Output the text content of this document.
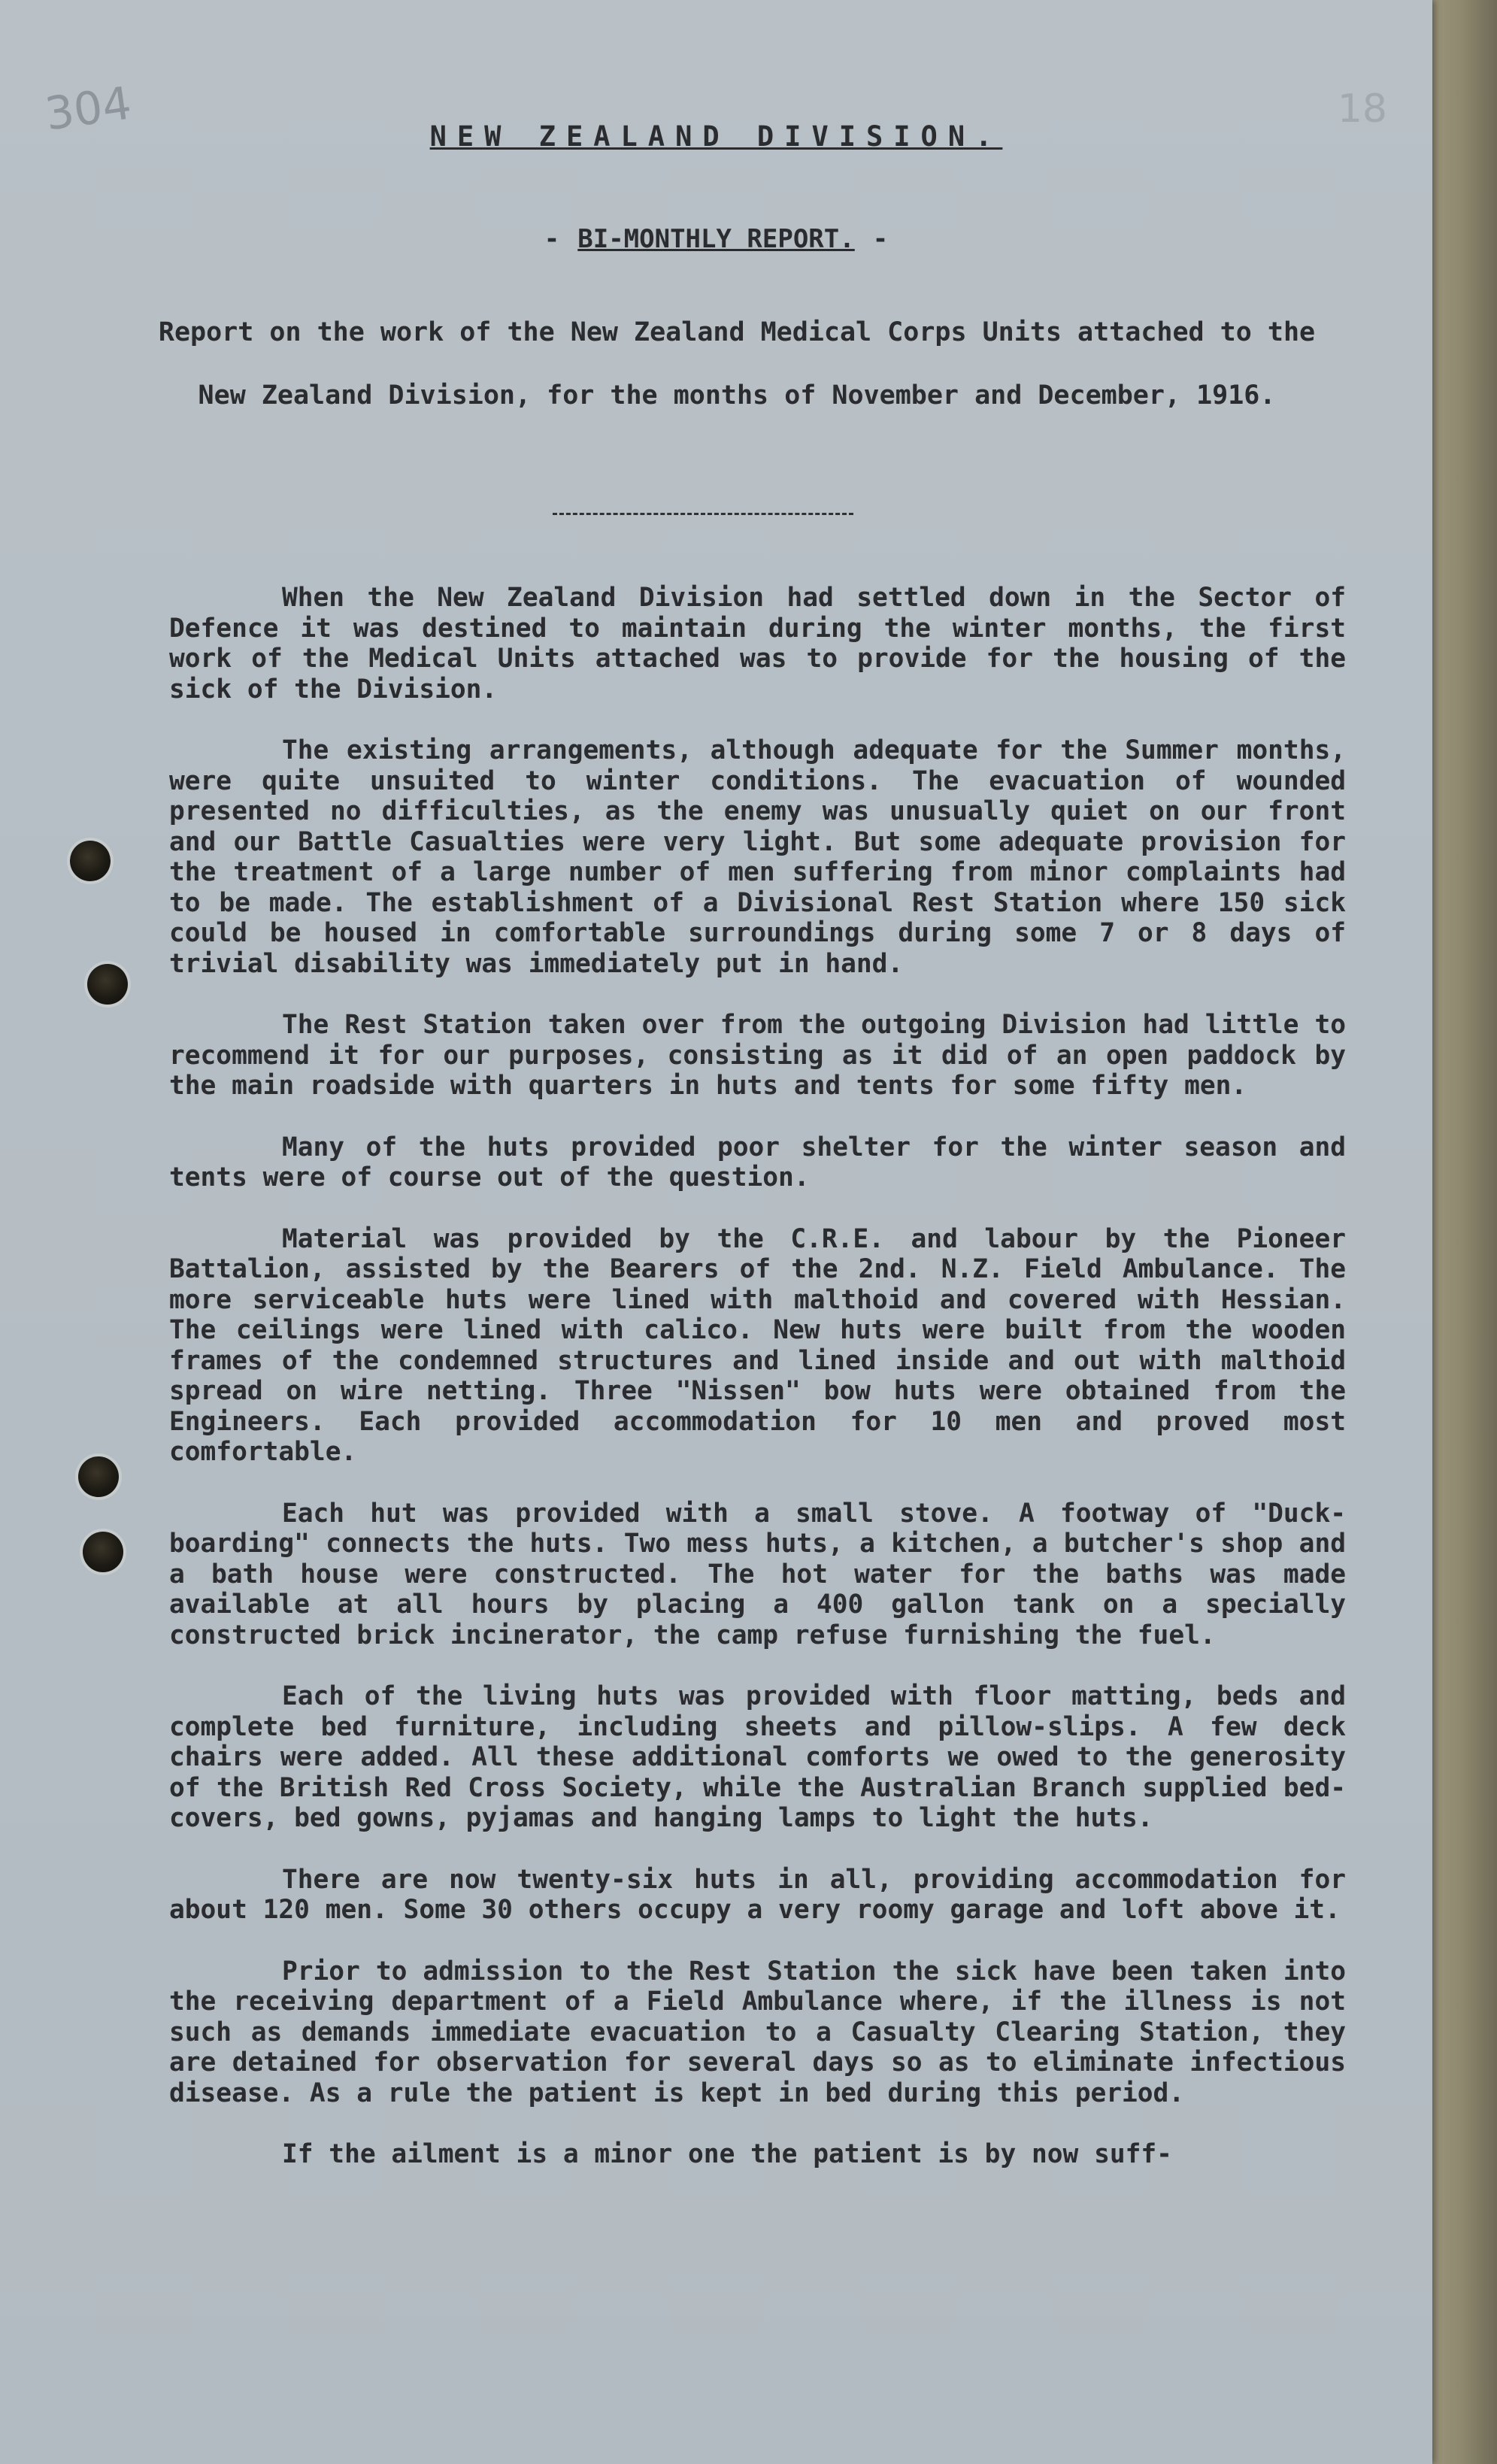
304	18
NEW ZEALAND DIVISION.
- BI-MONTHLY REPORT. -
Report on the work of the New Zealand Medical Corps Units attached to the New Zealand Division, for the months of November and December, 1916.

When the New Zealand Division had settled down in the Sector of Defence it was destined to maintain during the winter months, the first work of the Medical Units attached was to provide for the housing of the sick of the Division.

The existing arrangements, although adequate for the Summer months, were quite unsuited to winter conditions. The evacuation of wounded presented no difficulties, as the enemy was unusually quiet on our front and our Battle Casualties were very light. But some adequate provision for the treatment of a large number of men suffering from minor complaints had to be made. The establishment of a Divisional Rest Station where 150 sick could be housed in comfortable surroundings during some 7 or 8 days of trivial disability was immediately put in hand.

The Rest Station taken over from the outgoing Division had little to recommend it for our purposes, consisting as it did of an open paddock by the main roadside with quarters in huts and tents for some fifty men.

Many of the huts provided poor shelter for the winter season and tents were of course out of the question.

Material was provided by the C.R.E. and labour by the Pioneer Battalion, assisted by the Bearers of the 2nd. N.Z. Field Ambulance. The more serviceable huts were lined with malthoid and covered with Hessian. The ceilings were lined with calico. New huts were built from the wooden frames of the condemned structures and lined inside and out with malthoid spread on wire netting. Three "Nissen" bow huts were obtained from the Engineers. Each provided accommodation for 10 men and proved most comfortable.

Each hut was provided with a small stove. A footway of "Duck-boarding" connects the huts. Two mess huts, a kitchen, a butcher's shop and a bath house were constructed. The hot water for the baths was made available at all hours by placing a 400 gallon tank on a specially constructed brick incinerator, the camp refuse furnishing the fuel.

Each of the living huts was provided with floor matting, beds and complete bed furniture, including sheets and pillow-slips. A few deck chairs were added. All these additional comforts we owed to the generosity of the British Red Cross Society, while the Australian Branch supplied bed-covers, bed gowns, pyjamas and hanging lamps to light the huts.

There are now twenty-six huts in all, providing accommodation for about 120 men. Some 30 others occupy a very roomy garage and loft above it.

Prior to admission to the Rest Station the sick have been taken into the receiving department of a Field Ambulance where, if the illness is not such as demands immediate evacuation to a Casualty Clearing Station, they are detained for observation for several days so as to eliminate infectious disease. As a rule the patient is kept in bed during this period.

If the ailment is a minor one the patient is by now suff-
